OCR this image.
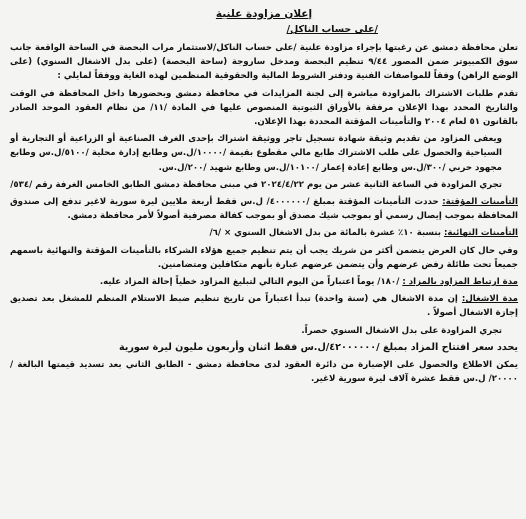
إعلان مزاودة علنية
/على حساب الناكل/

تعلن محافظة دمشق عن رغبتها بإجراء مزاودة علنية /على حساب الناكل/لاستثمار مراب البحصة في الساحة الواقعة جانب سوق الكمبيوتر ضمن المصور ٩/٤٤ تنظيم البحصة ومدخل ساروجة (ساحة البحصة) (على بدل الاشغال السنوي) (على الوضع الراهن) وفقاً للمواصفات الفنية ودفتر الشروط المالية والحقوقية المنظمين لهذه الغاية ووفقاً لمايلي :

تقدم طلبات الاشتراك بالمزاودة مباشرة إلى لجنة المزايدات في محافظة دمشق وبحضورها داخل المحافظة في الوقت والتاريخ المحدد بهذا الإعلان مرفقة بالأوراق الثبوتية المنصوص عليها في المادة /١١/ من نظام العقود الموحد الصادر بالقانون ٥١ لعام ٢٠٠٤ والتأمينات المؤقتة المحددة بهذا الإعلان.

ويعفى المزاود من تقديم وثيقة شهادة تسجيل تاجر ووثيقة اشتراك بإحدى الغرف الصناعية أو الزراعية أو التجارية أو السياحية والحصول على طلب الاشتراك طابع مالي مقطوع بقيمة /١٠٠٠٠/ل.س وطابع إدارة محلية /٥١٠٠/ل.س وطابع مجهود حربي /٣٠٠/ل.س وطابع إعادة إعمار /١٠١٠٠/ل.س وطابع شهيد /٢٠٠/ل.س.

تجري المزاودة في الساعة الثانية عشر من يوم ٢٠٢٤/٤/٢٢ في مبنى محافظة دمشق الطابق الخامس الغرفة رقم /٥٣٤/

التأمينات المؤقتة: حددت التأمينات المؤقتة بمبلغ /٤٠٠٠٠٠٠/ ل.س فقط أربعة ملايين ليرة سورية لاغير تدفع إلى صندوق المحافظة بموجب إيصال رسمي أو بموجب شيك مصدق أو بموجب كفالة مصرفية أصولاً لأمر محافظة دمشق.

التأمينات النهائية: بنسبة ١٠٪ عشرة بالمائة من بدل الاشغال السنوي × /٦/

وفي حال كان العرض يتضمن أكثر من شريك يجب أن يتم تنظيم جميع هؤلاء الشركاء بالتأمينات المؤقتة والنهائية باسمهم جميعاً تحت طائلة رفض عرضهم وأن يتضمن عرضهم عبارة بأنهم متكافلين ومتضامنين.

مدة ارتباط المزاود بالمزاد : /١٨٠/ يوماً اعتباراً من اليوم التالي لتبليغ المزاود خطياً إحالة المزاد عليه.

مدة الاشغال: إن مدة الاشغال هي (سنة واحدة) تبدأ اعتباراً من تاريخ تنظيم ضبط الاستلام المنظم للمشغل بعد تصديق إجازة الاشغال أصولاً .

تجري المزاودة على بدل الاشغال السنوي حصراً.

يحدد سعر افتتاح المزاد بمبلغ /٤٢٠٠٠٠٠٠/ل.س فقط اثنان وأربعون مليون ليرة سورية

يمكن الاطلاع والحصول على الإضبارة من دائرة العقود لدى محافظة دمشق - الطابق الثاني بعد تسديد قيمتها البالغة /٢٠٠٠٠/ ل.س فقط عشرة آلاف ليرة سورية لاغير.
